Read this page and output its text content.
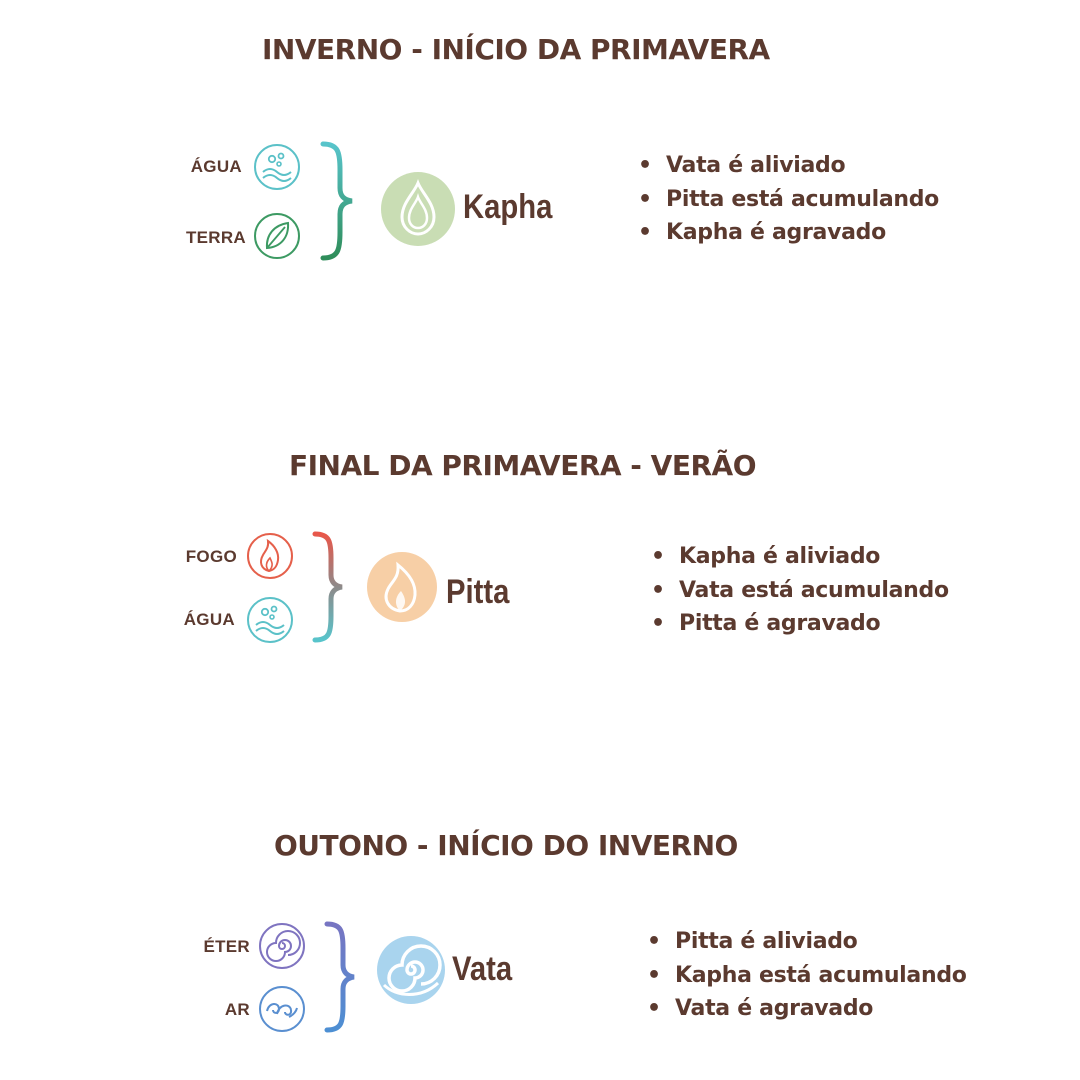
INVERNO - INÍCIO DA PRIMAVERA
ÁGUA
TERRA
Kapha
• Vata é aliviado
• Pitta está acumulando
• Kapha é agravado
FINAL DA PRIMAVERA - VERÃO
FOGO
ÁGUA
Pitta
• Kapha é aliviado
• Vata está acumulando
• Pitta é agravado
OUTONO - INÍCIO DO INVERNO
ÉTER
AR
Vata
• Pitta é aliviado
• Kapha está acumulando
• Vata é agravado
